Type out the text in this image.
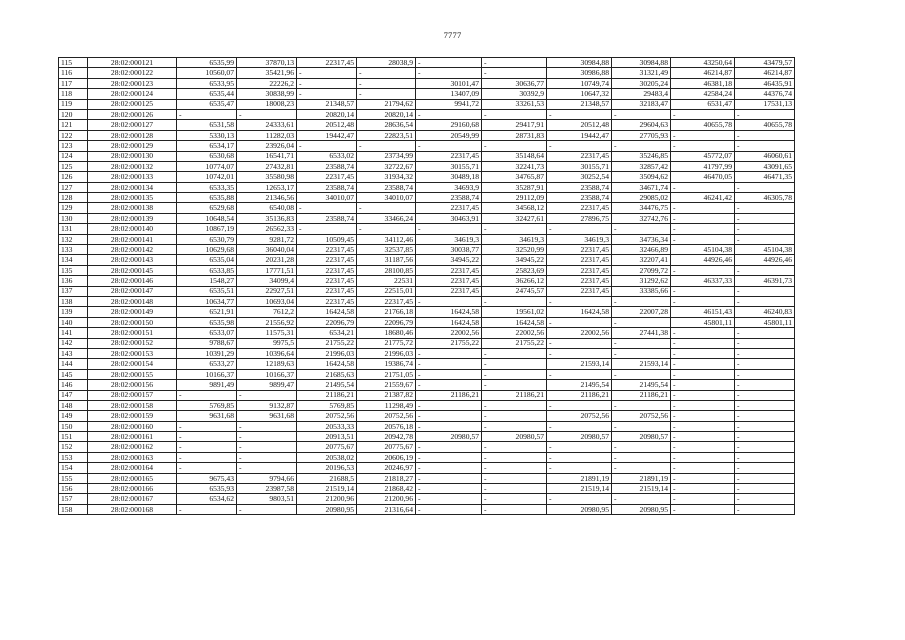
7777
115	28:02:000121	6535,99	37870,13	22317,45	28038,9	-	-	30984,88	30984,88	43250,64	43479,57
116	28:02:000122	10560,07	35421,96	-	-	-	-	30986,88	31321,49	46214,87	46214,87
117	28:02:000123	6533,95	22226,2	-	-	30101,47	30636,77	10749,74	30205,24	46381,18	46435,91
118	28:02:000124	6535,44	30838,99	-	-	13407,09	30392,9	10647,32	29483,4	42584,24	44376,74
119	28:02:000125	6535,47	18008,23	21348,57	21794,62	9941,72	33261,53	21348,57	32183,47	6531,47	17531,13
120	28:02:000126	-	-	20820,14	20820,14	-	-	-	-	-	-
121	28:02:000127	6531,58	24333,61	20512,48	28636,54	29160,68	29417,91	20512,48	29604,63	40655,78	40655,78
122	28:02:000128	5330,13	11282,03	19442,47	22823,51	20549,99	28731,83	19442,47	27705,93	-	-
123	28:02:000129	6534,17	23926,04	-	-	-	-	-	-	-	-
124	28:02:000130	6530,68	16541,71	6533,02	23734,99	22317,45	35148,64	22317,45	35246,85	45772,07	46060,61
125	28:02:000132	10774,07	27432,81	23588,74	32722,67	30155,71	32241,73	30155,71	32857,42	41797,99	43091,65
126	28:02:000133	10742,01	35580,98	22317,45	31934,32	30489,18	34765,87	30252,54	35094,62	46470,05	46471,35
127	28:02:000134	6533,35	12653,17	23588,74	23588,74	34693,9	35287,91	23588,74	34671,74	-	-
128	28:02:000135	6535,88	21346,56	34010,07	34010,07	23588,74	29112,09	23588,74	29085,02	46241,42	46305,78
129	28:02:000138	6529,68	6540,08	-	-	22317,45	34568,12	22317,45	34476,75	-	-
130	28:02:000139	10648,54	35136,83	23588,74	33466,24	30463,91	32427,61	27896,75	32742,76	-	-
131	28:02:000140	10867,19	26562,33	-	-	-	-	-	-	-	-
132	28:02:000141	6530,79	9281,72	10509,45	34112,46	34619,3	34619,3	34619,3	34736,34	-	-
133	28:02:000142	10629,68	36040,04	22317,45	32537,85	30038,77	32520,99	22317,45	32466,89	45104,38	45104,38
134	28:02:000143	6535,04	20231,28	22317,45	31187,56	34945,22	34945,22	22317,45	32207,41	44926,46	44926,46
135	28:02:000145	6533,85	17771,51	22317,45	28100,85	22317,45	25823,69	22317,45	27099,72	-	-
136	28:02:000146	1548,27	34099,4	22317,45	22531	22317,45	36266,12	22317,45	31292,62	46337,33	46391,73
137	28:02:000147	6535,51	22927,51	22317,45	22515,01	22317,45	24745,57	22317,45	33385,66	-	-
138	28:02:000148	10634,77	10693,04	22317,45	22317,45	-	-	-	-	-	-
139	28:02:000149	6521,91	7612,2	16424,58	21766,18	16424,58	19561,02	16424,58	22007,28	46151,43	46240,83
140	28:02:000150	6535,98	21556,92	22096,79	22096,79	16424,58	16424,58	-	-	45801,11	45801,11
141	28:02:000151	6533,07	11575,31	6534,21	18680,46	22002,56	22002,56	22002,56	27441,38	-	-
142	28:02:000152	9788,67	9975,5	21755,22	21775,72	21755,22	21755,22	-	-	-	-
143	28:02:000153	10391,29	10396,64	21996,03	21996,03	-	-	-	-	-	-
144	28:02:000154	6533,27	12189,63	16424,58	19386,74	-	-	21593,14	21593,14	-	-
145	28:02:000155	10166,37	10166,37	21685,63	21751,05	-	-	-	-	-	-
146	28:02:000156	9891,49	9899,47	21495,54	21559,67	-	-	21495,54	21495,54	-	-
147	28:02:000157	-	-	21186,21	21387,82	21186,21	21186,21	21186,21	21186,21	-	-
148	28:02:000158	5769,85	9132,87	5769,85	11298,49	-	-	-	-	-	-
149	28:02:000159	9631,68	9631,68	20752,56	20752,56	-	-	20752,56	20752,56	-	-
150	28:02:000160	-	-	20533,33	20576,18	-	-	-	-	-	-
151	28:02:000161	-	-	20913,51	20942,78	20980,57	20980,57	20980,57	20980,57	-	-
152	28:02:000162	-	-	20775,67	20775,67	-	-	-	-	-	-
153	28:02:000163	-	-	20538,02	20606,19	-	-	-	-	-	-
154	28:02:000164	-	-	20196,53	20246,97	-	-	-	-	-	-
155	28:02:000165	9675,43	9794,66	21688,5	21818,27	-	-	21891,19	21891,19	-	-
156	28:02:000166	6535,93	23987,58	21519,14	21868,42	-	-	21519,14	21519,14	-	-
157	28:02:000167	6534,62	9803,51	21200,96	21200,96	-	-	-	-	-	-
158	28:02:000168	-	-	20980,95	21316,64	-	-	20980,95	20980,95	-	-
